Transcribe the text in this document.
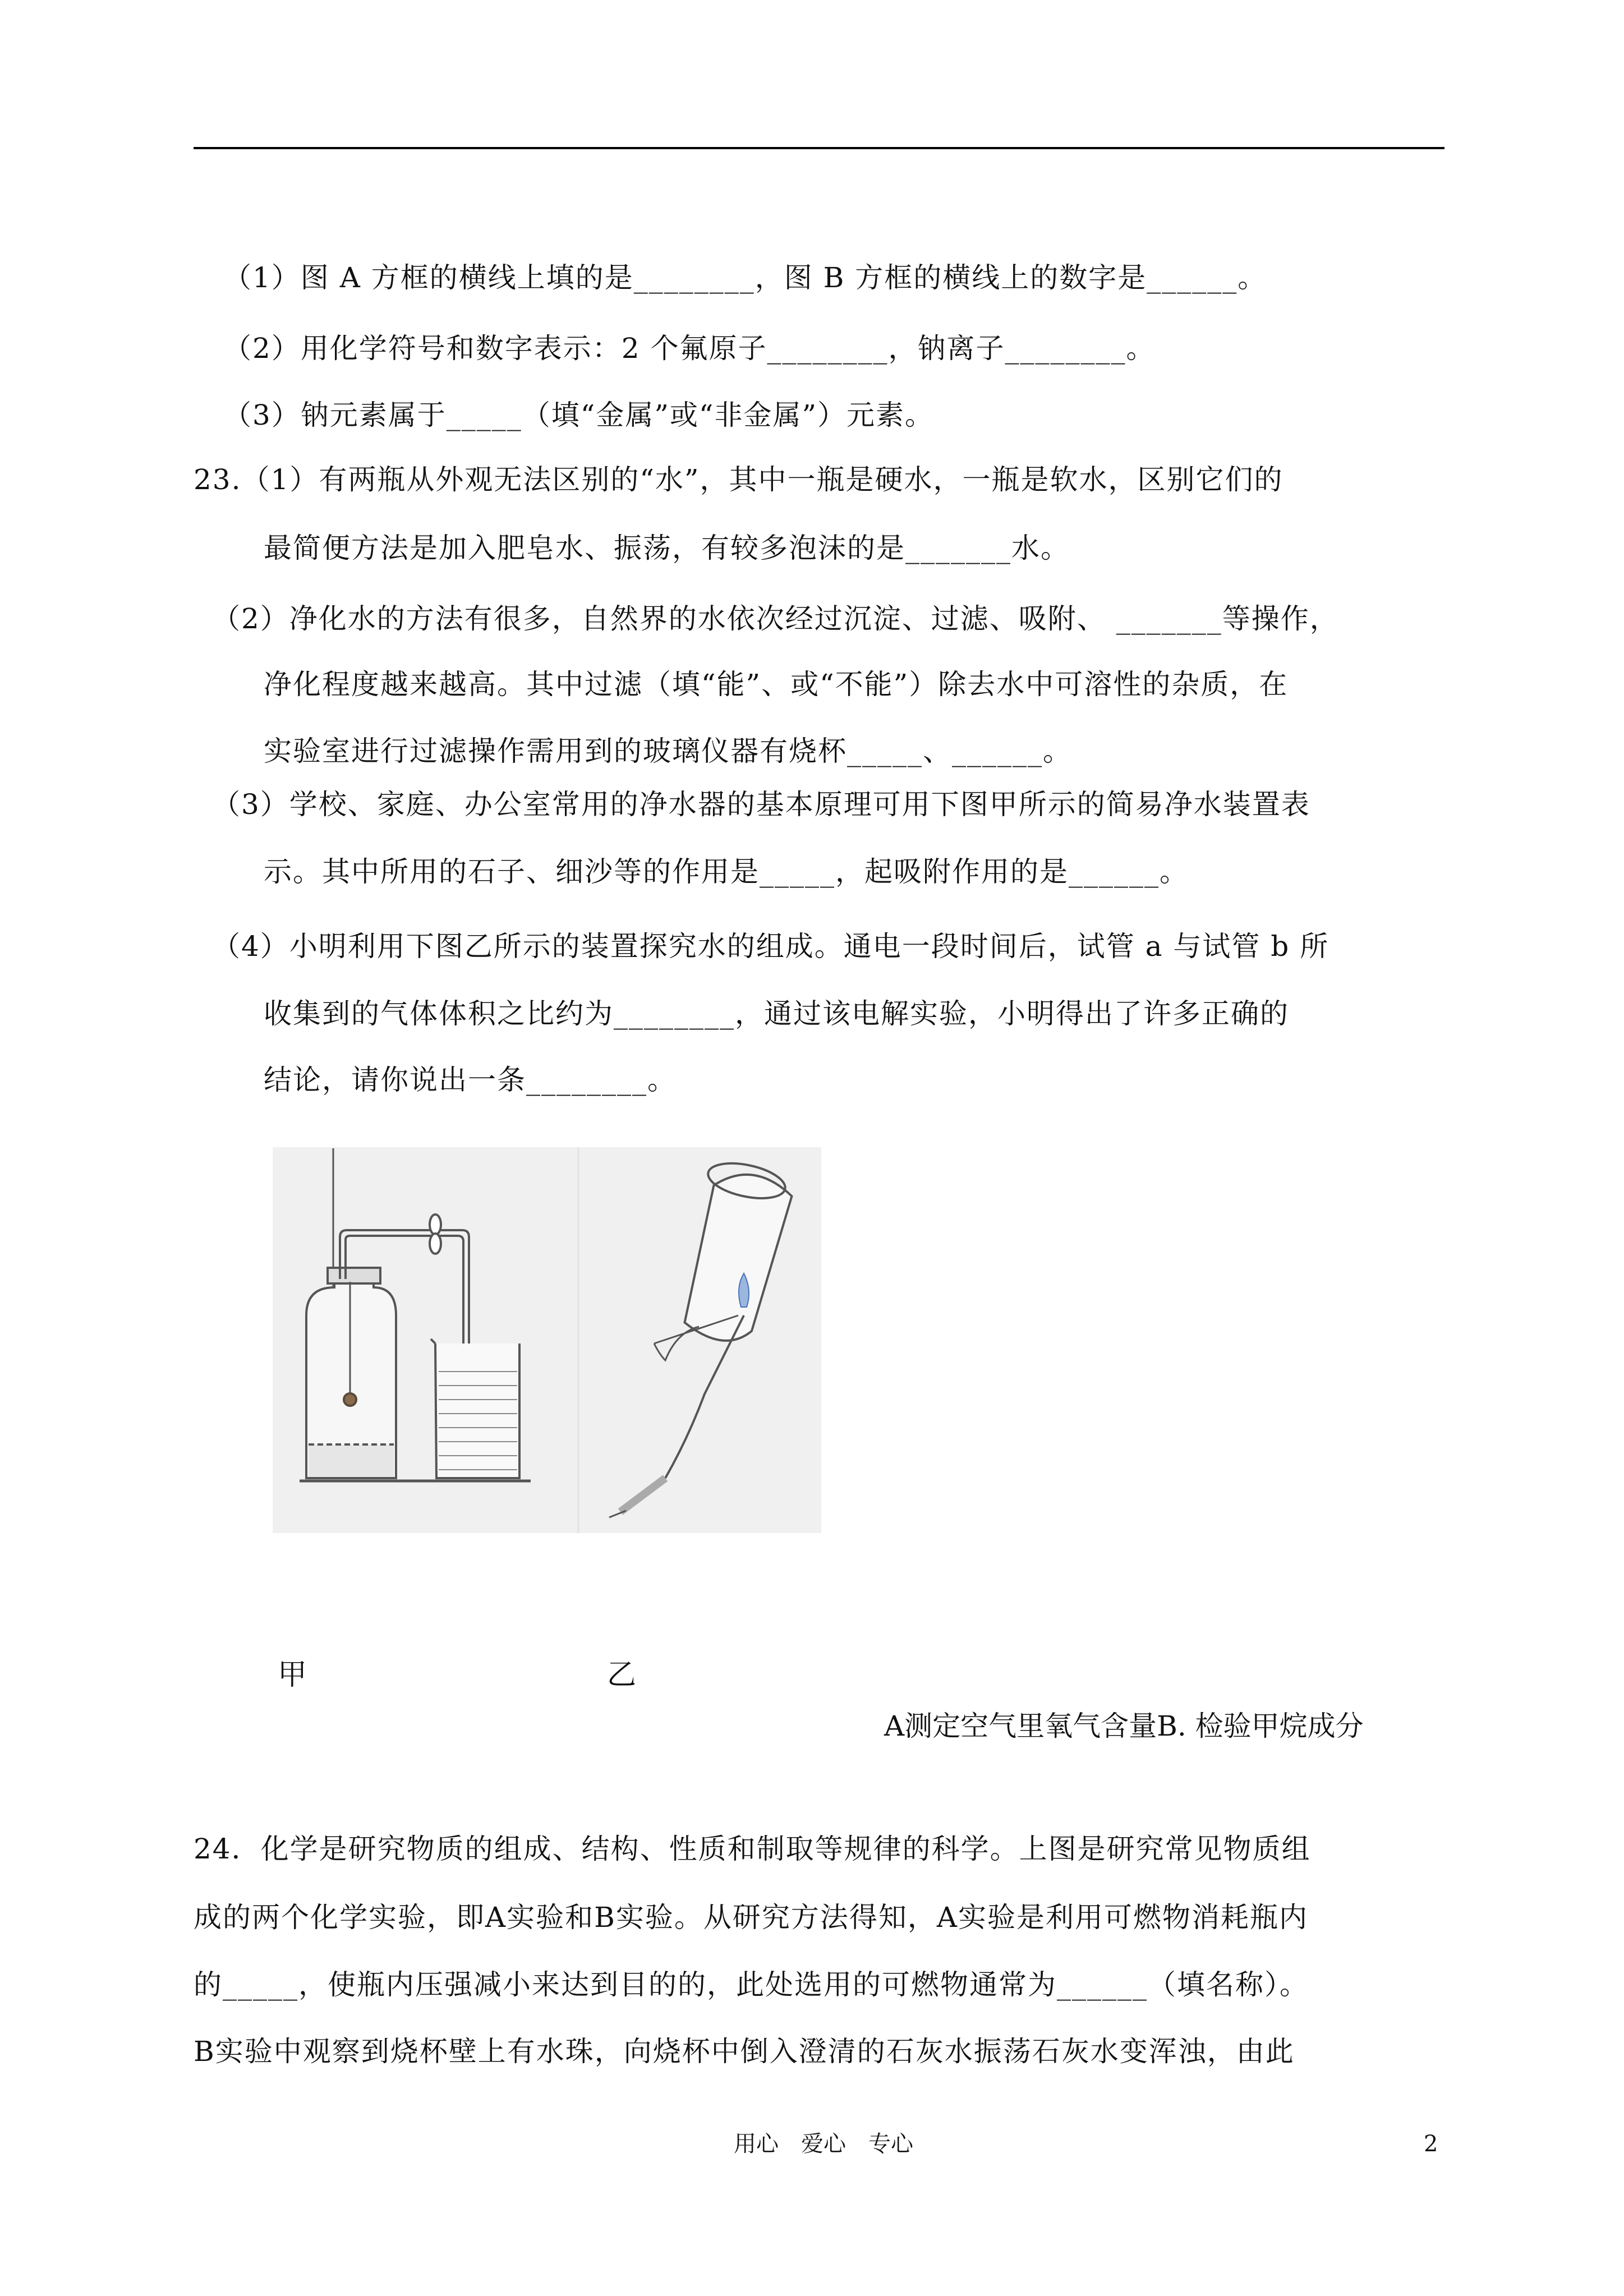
（1）图 A 方框的横线上填的是________，图 B 方框的横线上的数字是______。
（2）用化学符号和数字表示：2 个氟原子________，钠离子________。
（3）钠元素属于_____（填“金属”或“非金属”）元素。
23.（1）有两瓶从外观无法区别的“水”，其中一瓶是硬水，一瓶是软水，区别它们的
最简便方法是加入肥皂水、振荡，有较多泡沫的是_______水。
（2）净化水的方法有很多，自然界的水依次经过沉淀、过滤、吸附、 _______等操作，
净化程度越来越高。其中过滤（填“能”、或“不能”）除去水中可溶性的杂质，在
实验室进行过滤操作需用到的玻璃仪器有烧杯_____、______。
（3）学校、家庭、办公室常用的净水器的基本原理可用下图甲所示的简易净水装置表
示。其中所用的石子、细沙等的作用是_____，起吸附作用的是______。
（4）小明利用下图乙所示的装置探究水的组成。通电一段时间后，试管 a 与试管 b 所
收集到的气体体积之比约为________，通过该电解实验，小明得出了许多正确的
结论，请你说出一条________。
甲	乙
A测定空气里氧气含量B. 检验甲烷成分
24．化学是研究物质的组成、结构、性质和制取等规律的科学。上图是研究常见物质组
成的两个化学实验，即A实验和B实验。从研究方法得知，A实验是利用可燃物消耗瓶内
的_____，使瓶内压强减小来达到目的的，此处选用的可燃物通常为______（填名称）。
B实验中观察到烧杯壁上有水珠，向烧杯中倒入澄清的石灰水振荡石灰水变浑浊，由此
用心　爱心　专心	2
